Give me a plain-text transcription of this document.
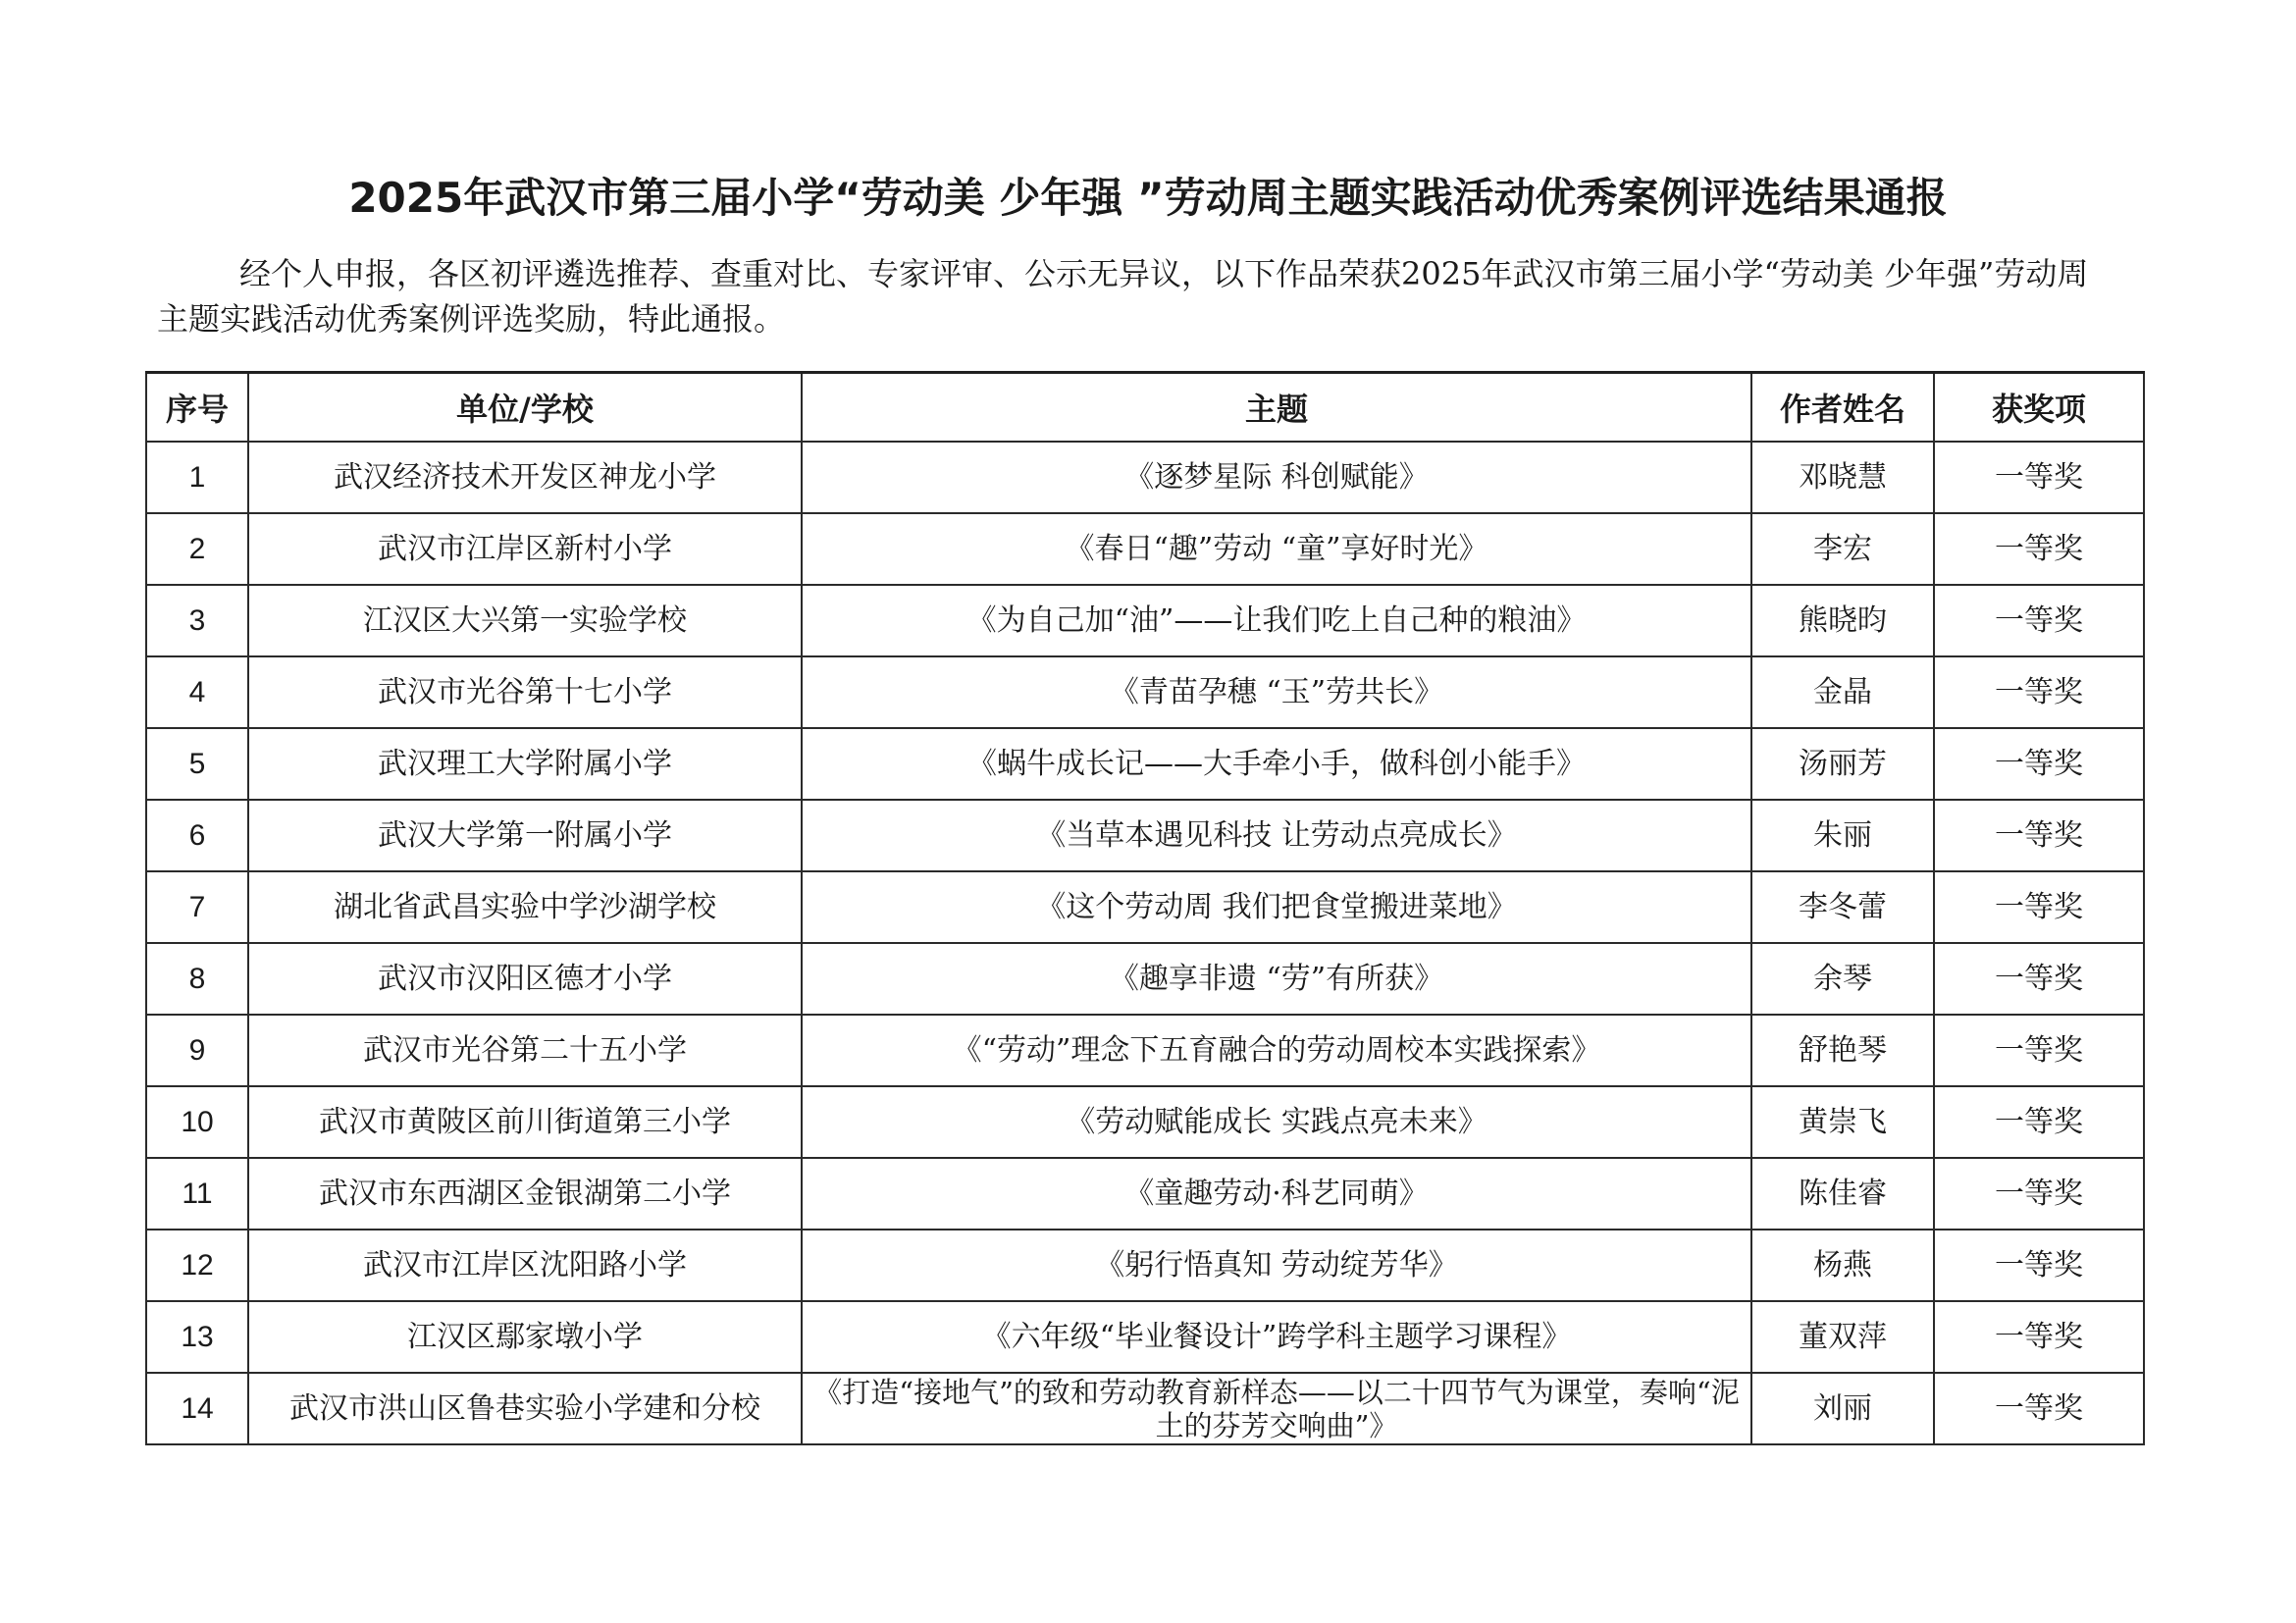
2025年武汉市第三届小学“劳动美 少年强 ”劳动周主题实践活动优秀案例评选结果通报
经个人申报，各区初评遴选推荐、查重对比、专家评审、公示无异议，以下作品荣获2025年武汉市第三届小学“劳动美 少年强”劳动周主题实践活动优秀案例评选奖励，特此通报。
序号	单位/学校	主题	作者姓名	获奖项
1	武汉经济技术开发区神龙小学	《逐梦星际 科创赋能》	邓晓慧	一等奖
2	武汉市江岸区新村小学	《春日“趣”劳动 “童”享好时光》	李宏	一等奖
3	江汉区大兴第一实验学校	《为自己加“油”——让我们吃上自己种的粮油》	熊晓昀	一等奖
4	武汉市光谷第十七小学	《青苗孕穗 “玉”劳共长》	金晶	一等奖
5	武汉理工大学附属小学	《蜗牛成长记——大手牵小手，做科创小能手》	汤丽芳	一等奖
6	武汉大学第一附属小学	《当草本遇见科技 让劳动点亮成长》	朱丽	一等奖
7	湖北省武昌实验中学沙湖学校	《这个劳动周 我们把食堂搬进菜地》	李冬蕾	一等奖
8	武汉市汉阳区德才小学	《趣享非遗 “劳”有所获》	余琴	一等奖
9	武汉市光谷第二十五小学	《“劳动”理念下五育融合的劳动周校本实践探索》	舒艳琴	一等奖
10	武汉市黄陂区前川街道第三小学	《劳动赋能成长 实践点亮未来》	黄崇飞	一等奖
11	武汉市东西湖区金银湖第二小学	《童趣劳动·科艺同萌》	陈佳睿	一等奖
12	武汉市江岸区沈阳路小学	《躬行悟真知 劳动绽芳华》	杨燕	一等奖
13	江汉区鄢家墩小学	《六年级“毕业餐设计”跨学科主题学习课程》	董双萍	一等奖
14	武汉市洪山区鲁巷实验小学建和分校	《打造“接地气”的致和劳动教育新样态——以二十四节气为课堂，奏响“泥土的芬芳交响曲”》	刘丽	一等奖
